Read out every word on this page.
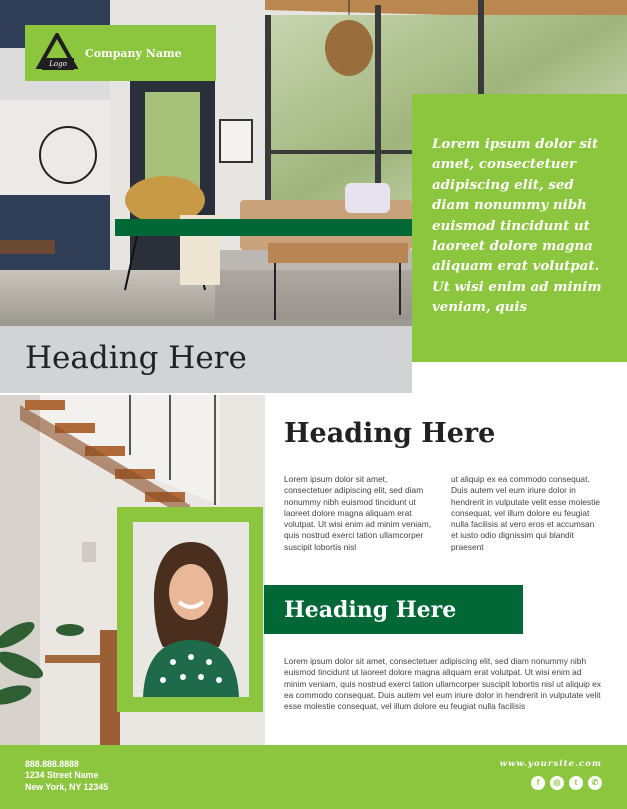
Logo
Company Name

Lorem ipsum dolor sit amet, consectetuer adipiscing elit, sed diam nonummy nibh euismod tincidunt ut laoreet dolore magna aliquam erat volutpat. Ut wisi enim ad minim veniam, quis

Heading Here
Heading Here

Lorem ipsum dolor sit amet, consectetuer adipiscing elit, sed diam nonummy nibh euismod tincidunt ut laoreet dolore magna aliquam erat volutpat. Ut wisi enim ad minim veniam, quis nostrud exerci tation ullamcorper suscipit lobortis nisl

ut aliquip ex ea commodo consequat. Duis autem vel eum iriure dolor in hendrerit in vulputate velit esse molestie consequat, vel illum dolore eu feugiat nulla facilisis at vero eros et accumsan et iusto odio dignissim qui blandit praesent

Heading Here

Lorem ipsum dolor sit amet, consectetuer adipiscing elit, sed diam nonummy nibh euismod tincidunt ut laoreet dolore magna aliquam erat volutpat. Ut wisi enim ad minim veniam, quis nostrud exerci tation ullamcorper suscipit lobortis nisl ut aliquip ex ea commodo consequat. Duis autem vel eum iriure dolor in hendrerit in vulputate velit esse molestie consequat, vel illum dolore eu feugiat nulla facilisis

888.888.8888
1234 Street Name
New York, NY 12345
www.yoursite.com
f	◎	t	✆
